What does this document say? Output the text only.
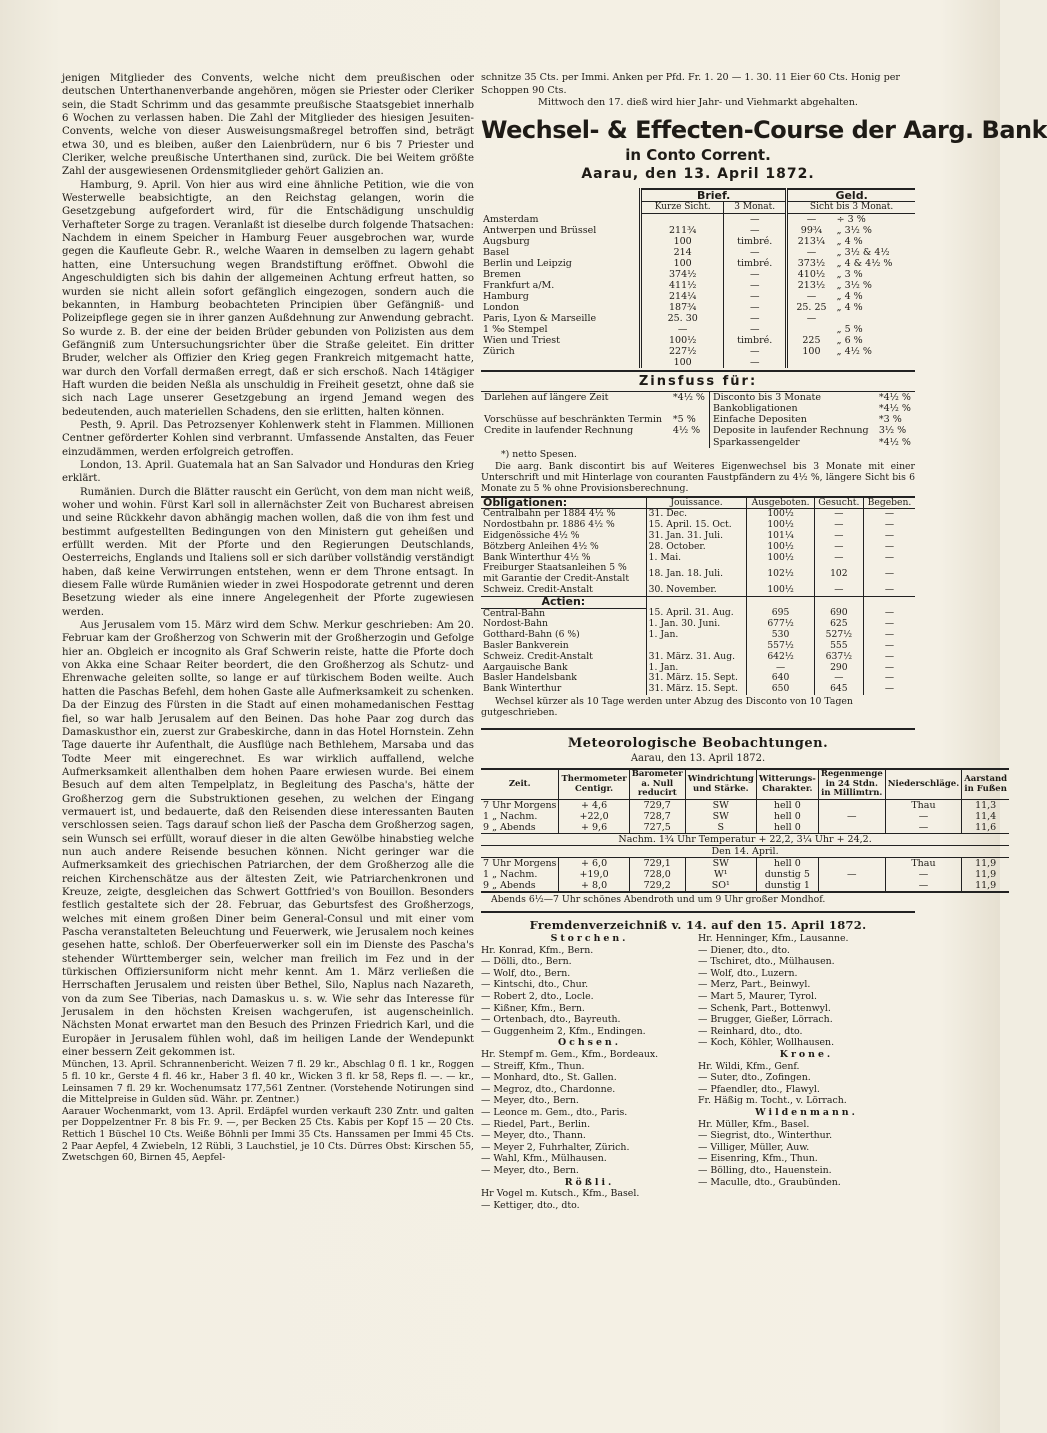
jenigen Mitglieder des Convents, welche nicht dem preußischen oder deutschen Unterthanenverbande angehören, mögen sie Priester oder Cleriker sein, die Stadt Schrimm und das gesammte preußische Staatsgebiet innerhalb 6 Wochen zu verlassen haben. Die Zahl der Mitglieder des hiesigen Jesuiten-Convents, welche von dieser Ausweisungsmaßregel betroffen sind, beträgt etwa 30, und es bleiben, außer den Laienbrüdern, nur 6 bis 7 Priester und Cleriker, welche preußische Unterthanen sind, zurück. Die bei Weitem größte Zahl der ausgewiesenen Ordensmitglieder gehört Galizien an.

Hamburg, 9. April. Von hier aus wird eine ähnliche Petition, wie die von Westerwelle beabsichtigte, an den Reichstag gelangen, worin die Gesetzgebung aufgefordert wird, für die Entschädigung unschuldig Verhafteter Sorge zu tragen. Veranlaßt ist dieselbe durch folgende Thatsachen: Nachdem in einem Speicher in Hamburg Feuer ausgebrochen war, wurde gegen die Kaufleute Gebr. R., welche Waaren in demselben zu lagern gehabt hatten, eine Untersuchung wegen Brandstiftung eröffnet. Obwohl die Angeschuldigten sich bis dahin der allgemeinen Achtung erfreut hatten, so wurden sie nicht allein sofort gefänglich eingezogen, sondern auch die bekannten, in Hamburg beobachteten Principien über Gefängniß- und Polizeipflege gegen sie in ihrer ganzen Außdehnung zur Anwendung gebracht. So wurde z. B. der eine der beiden Brüder gebunden von Polizisten aus dem Gefängniß zum Untersuchungsrichter über die Straße geleitet. Ein dritter Bruder, welcher als Offizier den Krieg gegen Frankreich mitgemacht hatte, war durch den Vorfall dermaßen erregt, daß er sich erschoß. Nach 14tägiger Haft wurden die beiden Neßla als unschuldig in Freiheit gesetzt, ohne daß sie sich nach Lage unserer Gesetzgebung an irgend Jemand wegen des bedeutenden, auch materiellen Schadens, den sie erlitten, halten können.

Pesth, 9. April. Das Petrozsenyer Kohlenwerk steht in Flammen. Millionen Centner geförderter Kohlen sind verbrannt. Umfassende Anstalten, das Feuer einzudämmen, werden erfolgreich getroffen.

London, 13. April. Guatemala hat an San Salvador und Honduras den Krieg erklärt.

Rumänien. Durch die Blätter rauscht ein Gerücht, von dem man nicht weiß, woher und wohin. Fürst Karl soll in allernächster Zeit von Bucharest abreisen und seine Rückkehr davon abhängig machen wollen, daß die von ihm fest und bestimmt aufgestellten Bedingungen von den Ministern gut geheißen und erfüllt werden. Mit der Pforte und den Regierungen Deutschlands, Oesterreichs, Englands und Italiens soll er sich darüber vollständig verständigt haben, daß keine Verwirrungen entstehen, wenn er dem Throne entsagt. In diesem Falle würde Rumänien wieder in zwei Hospodorate getrennt und deren Besetzung wieder als eine innere Angelegenheit der Pforte zugewiesen werden.

Aus Jerusalem vom 15. März wird dem Schw. Merkur geschrieben: Am 20. Februar kam der Großherzog von Schwerin mit der Großherzogin und Gefolge hier an. Obgleich er incognito als Graf Schwerin reiste, hatte die Pforte doch von Akka eine Schaar Reiter beordert, die den Großherzog als Schutz- und Ehrenwache geleiten sollte, so lange er auf türkischem Boden weilte. Auch hatten die Paschas Befehl, dem hohen Gaste alle Aufmerksamkeit zu schenken. Da der Einzug des Fürsten in die Stadt auf einen mohamedanischen Festtag fiel, so war halb Jerusalem auf den Beinen. Das hohe Paar zog durch das Damaskusthor ein, zuerst zur Grabeskirche, dann in das Hotel Hornstein. Zehn Tage dauerte ihr Aufenthalt, die Ausflüge nach Bethlehem, Marsaba und das Todte Meer mit eingerechnet. Es war wirklich auffallend, welche Aufmerksamkeit allenthalben dem hohen Paare erwiesen wurde. Bei einem Besuch auf dem alten Tempelplatz, in Begleitung des Pascha's, hätte der Großherzog gern die Substruktionen gesehen, zu welchen der Eingang vermauert ist, und bedauerte, daß den Reisenden diese interessanten Bauten verschlossen seien. Tags darauf schon ließ der Pascha dem Großherzog sagen, sein Wunsch sei erfüllt, worauf dieser in die alten Gewölbe hinabstieg welche nun auch andere Reisende besuchen können. Nicht geringer war die Aufmerksamkeit des griechischen Patriarchen, der dem Großherzog alle die reichen Kirchenschätze aus der ältesten Zeit, wie Patriarchenkronen und Kreuze, zeigte, desgleichen das Schwert Gottfried's von Bouillon. Besonders festlich gestaltete sich der 28. Februar, das Geburtsfest des Großherzogs, welches mit einem großen Diner beim General-Consul und mit einer vom Pascha veranstalteten Beleuchtung und Feuerwerk, wie Jerusalem noch keines gesehen hatte, schloß. Der Oberfeuerwerker soll ein im Dienste des Pascha's stehender Württemberger sein, welcher man freilich im Fez und in der türkischen Offiziersuniform nicht mehr kennt. Am 1. März verließen die Herrschaften Jerusalem und reisten über Bethel, Silo, Naplus nach Nazareth, von da zum See Tiberias, nach Damaskus u. s. w. Wie sehr das Interesse für Jerusalem in den höchsten Kreisen wachgerufen, ist augenscheinlich. Nächsten Monat erwartet man den Besuch des Prinzen Friedrich Karl, und die Europäer in Jerusalem fühlen wohl, daß im heiligen Lande der Wendepunkt einer bessern Zeit gekommen ist.

München, 13. April. Schrannenbericht. Weizen 7 fl. 29 kr., Abschlag 0 fl. 1 kr., Roggen 5 fl. 10 kr., Gerste 4 fl. 46 kr., Haber 3 fl. 40 kr., Wicken 3 fl. kr 58, Reps fl. —. — kr., Leinsamen 7 fl. 29 kr. Wochenumsatz 177,561 Zentner. (Vorstehende Notirungen sind die Mittelpreise in Gulden süd. Währ. pr. Zentner.)

Aarauer Wochenmarkt, vom 13. April. Erdäpfel wurden verkauft 230 Zntr. und galten per Doppelzentner Fr. 8 bis Fr. 9. —, per Becken 25 Cts. Kabis per Kopf 15 — 20 Cts. Rettich 1 Büschel 10 Cts. Weiße Böhnli per Immi 35 Cts. Hanssamen per Immi 45 Cts. 2 Paar Aepfel, 4 Zwiebeln, 12 Rübli, 3 Lauchstiel, je 10 Cts. Dürres Obst: Kirschen 55, Zwetschgen 60, Birnen 45, Aepfel-

schnitze 35 Cts. per Immi. Anken per Pfd. Fr. 1. 20 — 1. 30. 11 Eier 60 Cts. Honig per Schoppen 90 Cts.
Mittwoch den 17. dieß wird hier Jahr- und Viehmarkt abgehalten.
Wechsel- & Effecten-Course der Aarg. Bank
in Conto Corrent.
Aarau, den 13. April 1872.
	Brief.		Geld.	
	Kurze Sicht.	3 Monat.	Sicht bis 3 Monat.	
Amsterdam		—	—	÷ 3 %
Antwerpen und Brüssel	211¾	—	99¾	„ 3½ %
Augsburg	100	timbré.	213¼	„ 4 %
Basel	214	—	—	„ 3½ & 4½
Berlin und Leipzig	100	timbré.	373½	„ 4 & 4½ %
Bremen	374½	—	410½	„ 3 %
Frankfurt a/M.	411½	—	213½	„ 3½ %
Hamburg	214¼	—	—	„ 4 %
London	187¾	—	25. 25	„ 4 %
Paris, Lyon & Marseille	25. 30	—	—	
1 ‰ Stempel	—	—		„ 5 %
Wien und Triest	100½	timbré.	225	„ 6 %
Zürich	227½	—	100	„ 4½ %
	100	—		
Zinsfuss für:
Darlehen auf längere Zeit	*4½ %	Disconto bis 3 Monate	*4½ %
		Bankobligationen	*4½ %
Vorschüsse auf beschränkten Termin	*5 %	Einfache Depositen	*3 %
Credite in laufender Rechnung	4½ %	Deposite in laufender Rechnung	3½ %
		Sparkassengelder	*4½ %
*) netto Spesen.
Die aarg. Bank discontirt bis auf Weiteres Eigenwechsel bis 3 Monate mit einer Unterschrift und mit Hinterlage von couranten Faustpfändern zu 4½ %, längere Sicht bis 6 Monate zu 5 % ohne Provisionsberechnung.
Obligationen:	Jouissance.	Ausgeboten.	Gesucht.	Begeben.
Centralbahn per 1884 4½ %	31. Dec.	100½	—	—
Nordostbahn pr. 1886 4½ %	15. April. 15. Oct.	100½	—	—
Eidgenössiche 4½ %	31. Jan. 31. Juli.	101¼	—	—
Bötzberg Anleihen 4½ %	28. October.	100½	—	—
Bank Winterthur 4½ %	1. Mai.	100½	—	—
Freiburger Staatsanleihen 5 % mit Garantie der Credit-Anstalt	18. Jan. 18. Juli.	102½	102	—
Schweiz. Credit-Anstalt	30. November.	100½	—	—
Actien:				
Central-Bahn	15. April. 31. Aug.	695	690	—
Nordost-Bahn	1. Jan. 30. Juni.	677½	625	—
Gotthard-Bahn (6 %)	1. Jan.	530	527½	—
Basler Bankverein		557½	555	—
Schweiz. Credit-Anstalt	31. März. 31. Aug.	642½	637½	—
Aargauische Bank	1. Jan.	—	290	—
Basler Handelsbank	31. März. 15. Sept.	640	—	—
Bank Winterthur	31. März. 15. Sept.	650	645	—
Wechsel kürzer als 10 Tage werden unter Abzug des Disconto von 10 Tagen gutgeschrieben.
Meteorologische Beobachtungen.
Aarau, den 13. April 1872.
Zeit.	Thermometer Centigr.	Barometer a. Null reducirt	Windrichtung und Stärke.	Witterungs-Charakter.	Regenmenge in 24 Stdn. in Millimtrn.	Niederschläge.	Aarstand in Fußen
7 Uhr Morgens	+ 4,6	729,7	SW	hell 0		Thau	11,3
1 „ Nachm.	+22,0	728,7	SW	hell 0	—	—	11,4
9 „ Abends	+ 9,6	727,5	S	hell 0		—	11,6
Nachm. 1¾ Uhr Temperatur + 22,2, 3¼ Uhr + 24,2.							
Den 14. April.							
7 Uhr Morgens	+ 6,0	729,1	SW	hell 0		Thau	11,9
1 „ Nachm.	+19,0	728,0	W¹	dunstig 5	—	—	11,9
9 „ Abends	+ 8,0	729,2	SO¹	dunstig 1		—	11,9
Abends 6½—7 Uhr schönes Abendroth und um 9 Uhr großer Mondhof.
Fremdenverzeichniß v. 14. auf den 15. April 1872.
Storchen.
Hr. Konrad, Kfm., Bern.
— Dölli, dto., Bern.
— Wolf, dto., Bern.
— Kintschi, dto., Chur.
— Robert 2, dto., Locle.
— Kißner, Kfm., Bern.
— Ortenbach, dto., Bayreuth.
— Guggenheim 2, Kfm., Endingen.
Ochsen.
Hr. Stempf m. Gem., Kfm., Bordeaux.
— Streiff, Kfm., Thun.
— Monhard, dto., St. Gallen.
— Megroz, dto., Chardonne.
— Meyer, dto., Bern.
— Leonce m. Gem., dto., Paris.
— Riedel, Part., Berlin.
— Meyer, dto., Thann.
— Meyer 2, Fuhrhalter, Zürich.
— Wahl, Kfm., Mülhausen.
— Meyer, dto., Bern.
Rößli.
Hr Vogel m. Kutsch., Kfm., Basel.
— Kettiger, dto., dto.
Hr. Henninger, Kfm., Lausanne.
— Diener, dto., dto.
— Tschiret, dto., Mülhausen.
— Wolf, dto., Luzern.
— Merz, Part., Beinwyl.
— Mart 5, Maurer, Tyrol.
— Schenk, Part., Bottenwyl.
— Brugger, Gießer, Lörrach.
— Reinhard, dto., dto.
— Koch, Köhler, Wollhausen.
Krone.
Hr. Wildi, Kfm., Genf.
— Suter, dto., Zofingen.
— Pfaendler, dto., Flawyl.
Fr. Häßig m. Tocht., v. Lörrach.
Wildenmann.
Hr. Müller, Kfm., Basel.
— Siegrist, dto., Winterthur.
— Villiger, Müller, Auw.
— Eisenring, Kfm., Thun.
— Bölling, dto., Hauenstein.
— Maculle, dto., Graubünden.
